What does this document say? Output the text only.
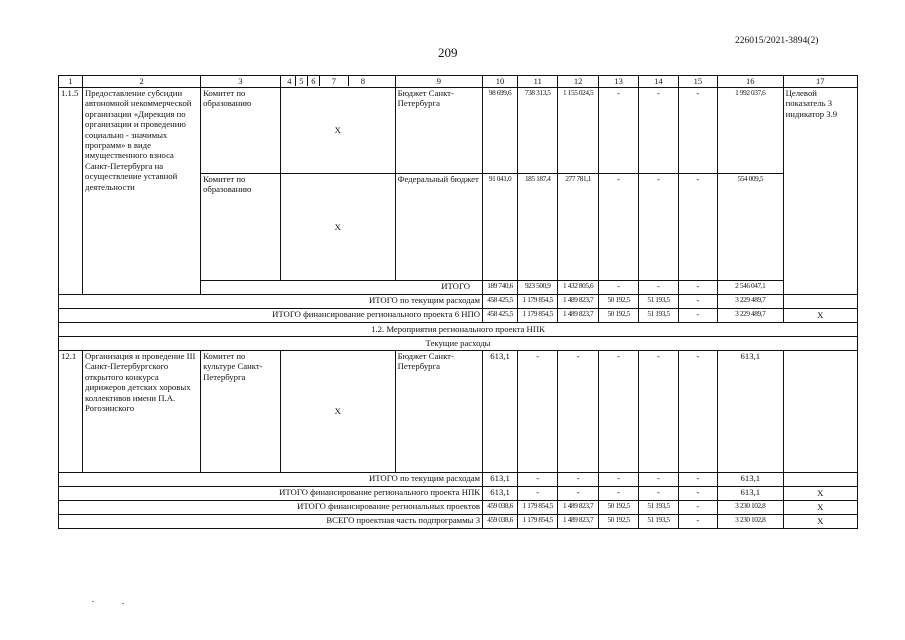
226015/2021-3894(2)
209
1	2	3	4 5 6 7 8	9	10	11	12	13	14	15	16	17
1.1.5	Предоставление субсидии автономной некоммерческой организации «Дирекция по организации и проведению социально - значимых программ» в виде имущественного взноса Санкт-Петербурга на осуществление уставной деятельности	Комитет по образованию	X	Бюджет Санкт-Петербурга	98 699,6	738 313,5	1 155 024,5	-	-	-	1 992 037,6	Целевой показатель 3 индикатор 3.9
		Комитет по образованию	X	Федеральный бюджет	91 041,0	185 187,4	277 781,1	-	-	-	554 009,5	
		ИТОГО			189 740,6	923 500,9	1 432 805,6	-	-	-	2 546 047,1	
ИТОГО по текущим расходам					458 425,5	1 179 854,5	1 489 823,7	50 192,5	51 193,5	-	3 229 489,7	
ИТОГО финансирование регионального проекта 6 НПО					458 425,5	1 179 854,5	1 489 823,7	50 192,5	51 193,5	-	3 229 489,7	X
1.2. Мероприятия регионального проекта НПК												
Текущие расходы												
12.1	Организация и проведение III Санкт-Петербургского открытого конкурса дирижеров детских хоровых коллективов имени П.А. Рогозинского	Комитет по культуре Санкт-Петербурга	X	Бюджет Санкт-Петербурга	613,1	-	-	-	-	-	613,1	
ИТОГО по текущим расходам					613,1	-	-	-	-	-	613,1	
ИТОГО финансирование регионального проекта НПК					613,1	-	-	-	-	-	613,1	X
ИТОГО финансирование региональных проектов					459 038,6	1 179 854,5	1 489 823,7	50 192,5	51 193,5	-	3 230 102,8	X
ВСЕГО проектная часть подпрограммы 3					459 038,6	1 179 854,5	1 489 823,7	50 192,5	51 193,5	-	3 230 102,8	X
